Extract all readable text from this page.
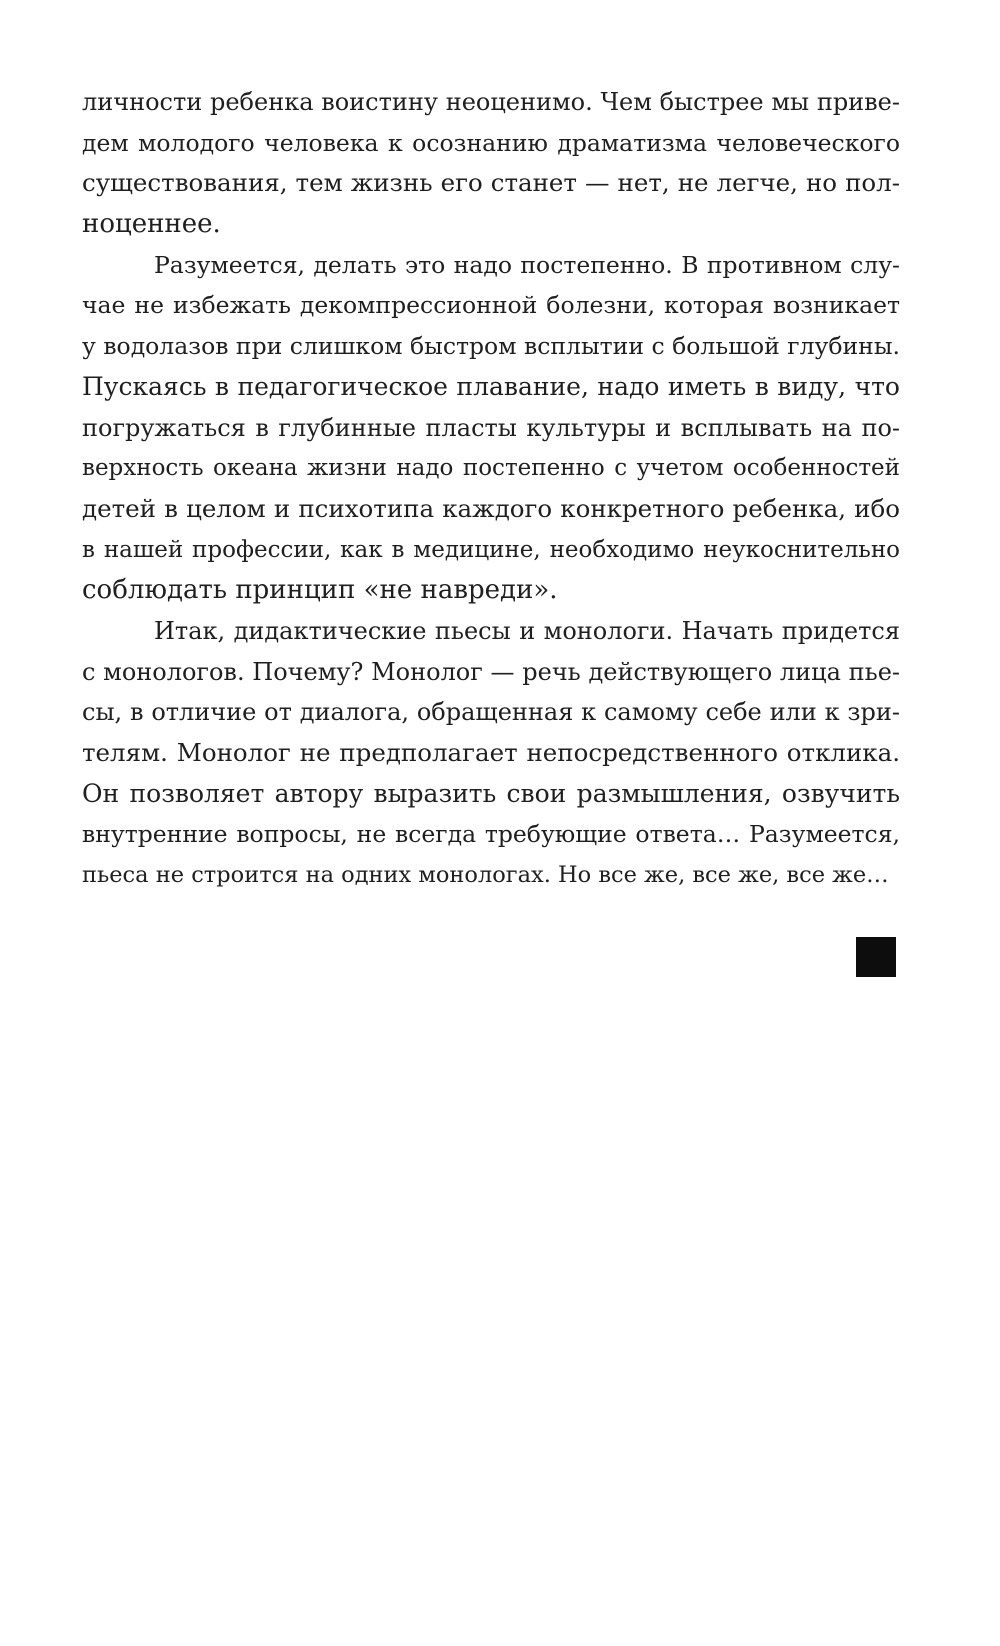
личности ребенка воистину неоценимо. Чем быстрее мы приве-
дем молодого человека к осознанию драматизма человеческого
существования, тем жизнь его станет — нет, не легче, но пол-
ноценнее.
Разумеется, делать это надо постепенно. В противном слу-
чае не избежать декомпрессионной болезни, которая возникает
у водолазов при слишком быстром всплытии с большой глубины.
Пускаясь в педагогическое плавание, надо иметь в виду, что
погружаться в глубинные пласты культуры и всплывать на по-
верхность океана жизни надо постепенно с учетом особенностей
детей в целом и психотипа каждого конкретного ребенка, ибо
в нашей профессии, как в медицине, необходимо неукоснительно
соблюдать принцип «не навреди».
Итак, дидактические пьесы и монологи. Начать придется
с монологов. Почему? Монолог — речь действующего лица пье-
сы, в отличие от диалога, обращенная к самому себе или к зри-
телям. Монолог не предполагает непосредственного отклика.
Он позволяет автору выразить свои размышления, озвучить
внутренние вопросы, не всегда требующие ответа… Разумеется,
пьеса не строится на одних монологах. Но все же, все же, все же…
